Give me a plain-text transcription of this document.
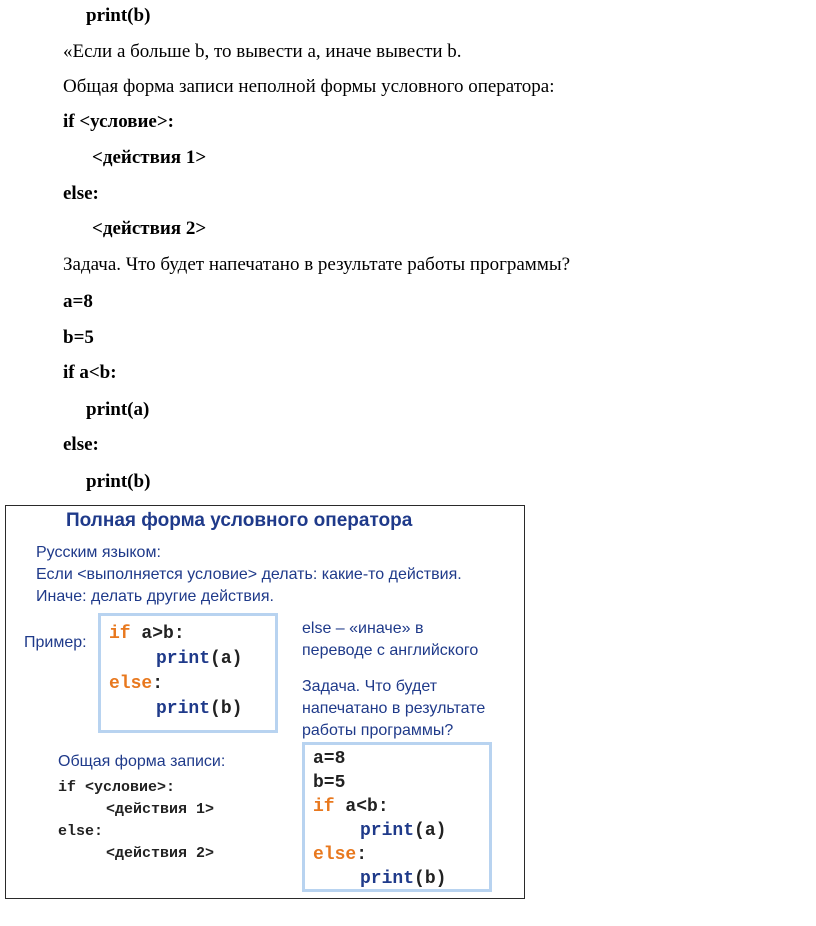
print(b)
«Если а больше b, то вывести а, иначе вывести b.
Общая форма записи неполной формы условного оператора:
if <условие>:
<действия 1>
else:
<действия 2>
Задача. Что будет напечатано в результате работы программы?
a=8
b=5
if a<b:
print(a)
else:
print(b)
Полная форма условного оператора
Русским языком:
Если <выполняется условие> делать: какие-то действия.
Иначе: делать другие действия.
Пример: if a>b:
print(a)
else:
print(b)
else – «иначе» в
переводе с английского
Задача. Что будет
напечатано в результате
работы программы?
a=8
b=5
if a<b:
print(a)
else:
print(b)
Общая форма записи:
if <условие>:
<действия 1>
else:
<действия 2>
